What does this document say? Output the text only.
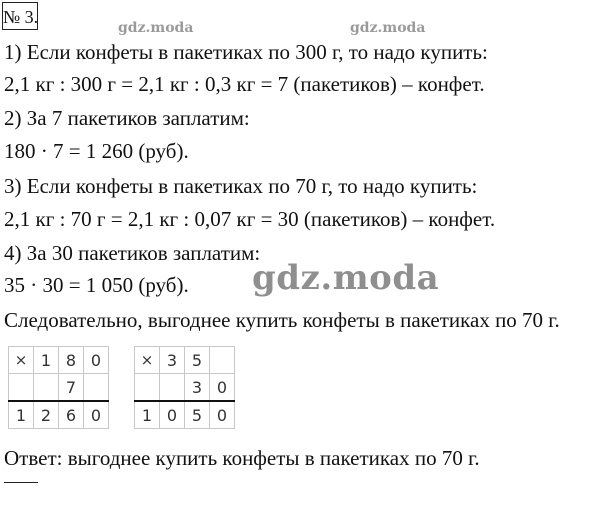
№ 3.
gdz.moda	gdz.moda
1) Если конфеты в пакетиках по 300 г, то надо купить:
2,1 кг : 300 г = 2,1 кг : 0,3 кг = 7 (пакетиков) – конфет.
2) За 7 пакетиков заплатим:
180 · 7 = 1 260 (руб).
3) Если конфеты в пакетиках по 70 г, то надо купить:
2,1 кг : 70 г = 2,1 кг : 0,07 кг = 30 (пакетиков) – конфет.
4) За 30 пакетиков заплатим:
35 · 30 = 1 050 (руб). gdz.moda
Следовательно, выгоднее купить конфеты в пакетиках по 70 г.
×	1	8	0
		7	
1	2	6	0
×	3	5	
		3	0
1	0	5	0
Ответ: выгоднее купить конфеты в пакетиках по 70 г.
